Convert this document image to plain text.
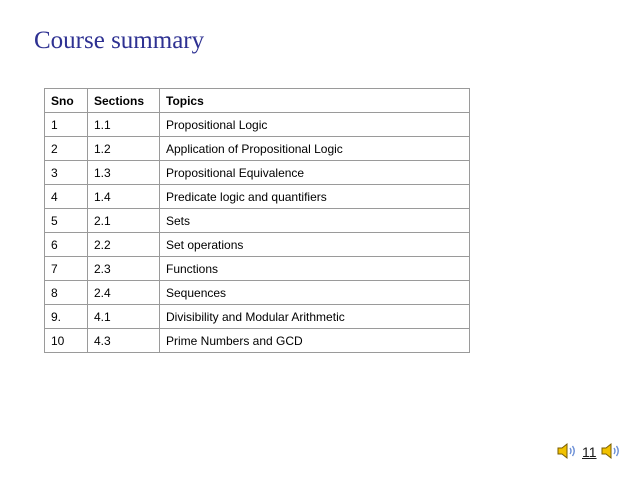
Course summary
Sno	Sections	Topics
1	1.1	Propositional Logic
2	1.2	Application of Propositional Logic
3	1.3	Propositional Equivalence
4	1.4	Predicate logic and quantifiers
5	2.1	Sets
6	2.2	Set operations
7	2.3	Functions
8	2.4	Sequences
9.	4.1	Divisibility and Modular Arithmetic
10	4.3	Prime Numbers and GCD
11
